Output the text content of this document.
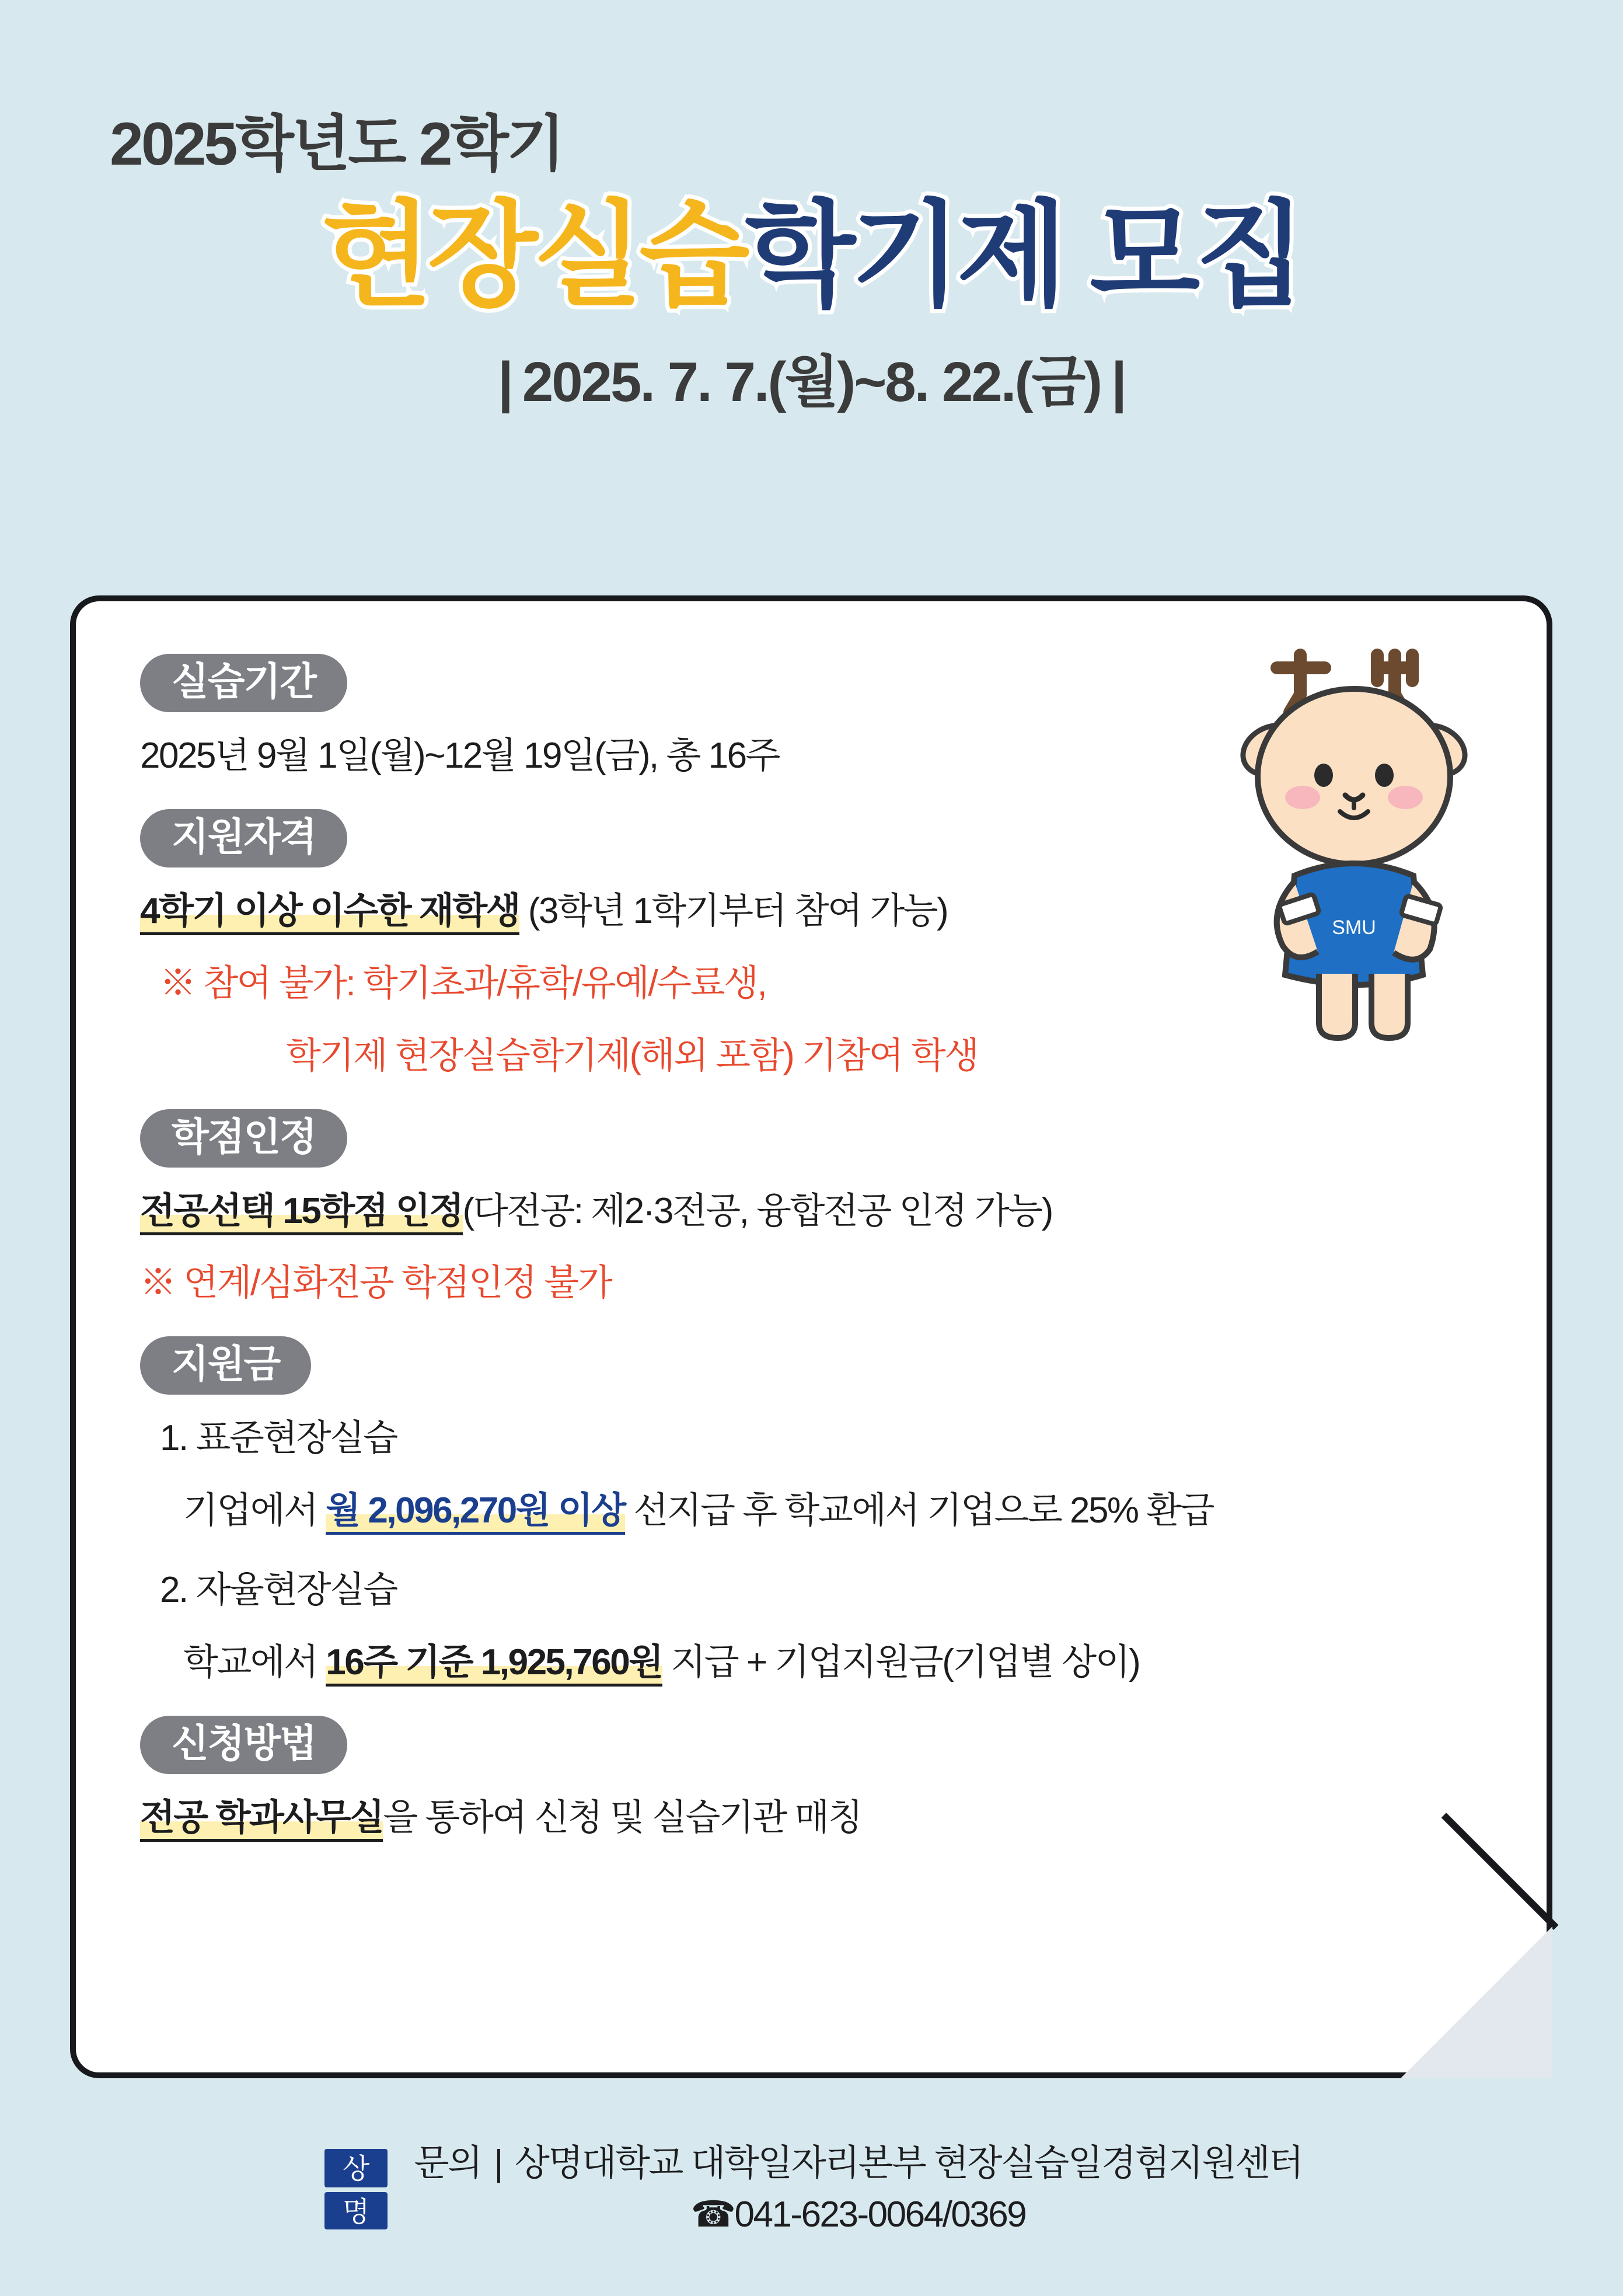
2025학년도 2학기
현장실습학기제 모집
| 2025. 7. 7.(월)~8. 22.(금) |
SMU
실습기간

2025년 9월 1일(월)~12월 19일(금), 총 16주

지원자격

4학기 이상 이수한 재학생 (3학년 1학기부터 참여 가능)

※ 참여 불가: 학기초과/휴학/유예/수료생,

학기제 현장실습학기제(해외 포함) 기참여 학생

학점인정

전공선택 15학점 인정(다전공: 제2·3전공, 융합전공 인정 가능)

※ 연계/심화전공 학점인정 불가

지원금

1. 표준현장실습

기업에서 월 2,096,270원 이상 선지급 후 학교에서 기업으로 25% 환급

2. 자율현장실습

학교에서 16주 기준 1,925,760원 지급 + 기업지원금(기업별 상이)

신청방법

전공 학과사무실을 통하여 신청 및 실습기관 매칭

상
명
문의 | 상명대학교 대학일자리본부 현장실습일경험지원센터
☎041-623-0064/0369
